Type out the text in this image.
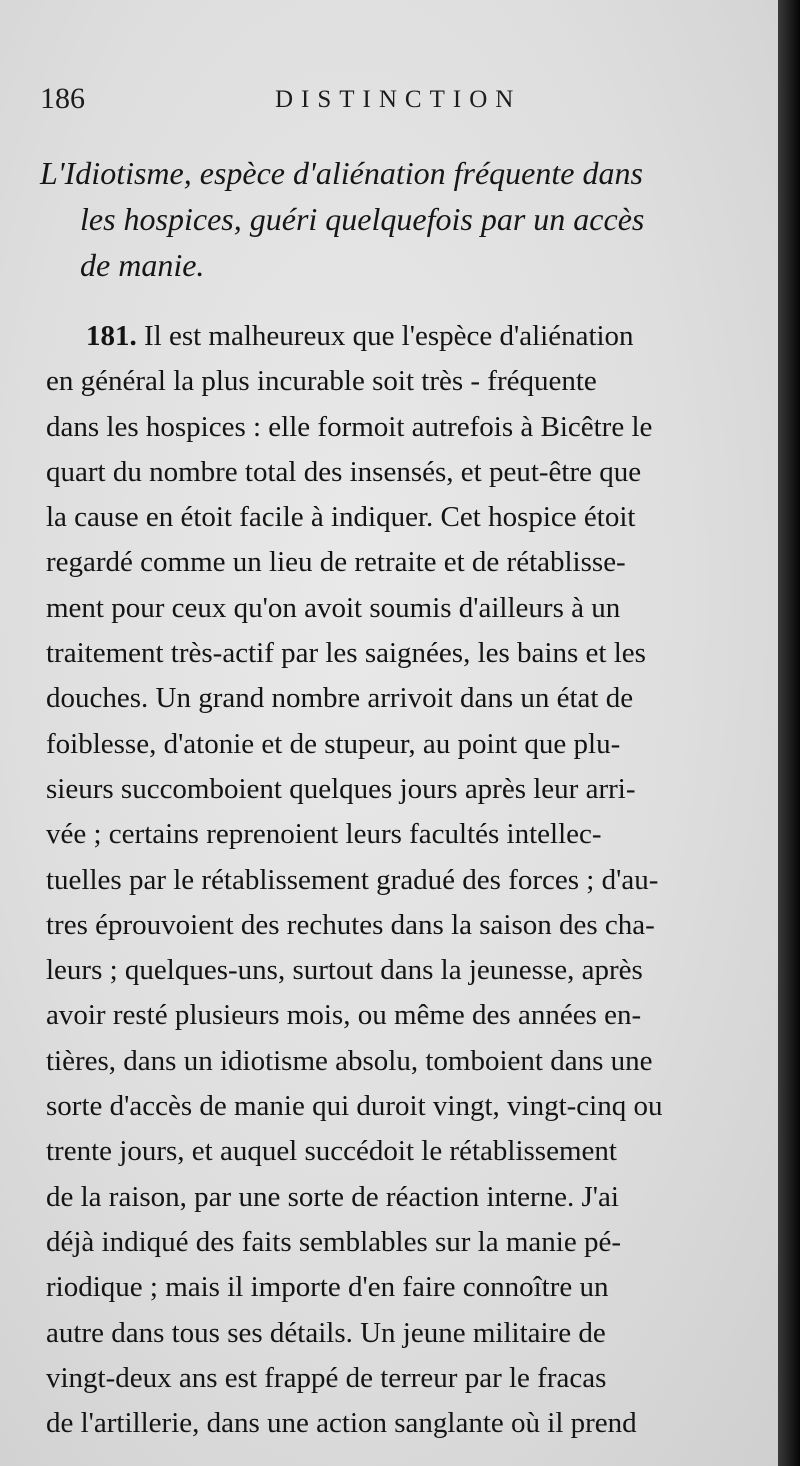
186	DISTINCTION
L'Idiotisme, espèce d'aliénation fréquente dans
les hospices, guéri quelquefois par un accès
de manie.
181. Il est malheureux que l'espèce d'aliénation
en général la plus incurable soit très - fréquente
dans les hospices : elle formoit autrefois à Bicêtre le
quart du nombre total des insensés, et peut-être que
la cause en étoit facile à indiquer. Cet hospice étoit
regardé comme un lieu de retraite et de rétablisse-
ment pour ceux qu'on avoit soumis d'ailleurs à un
traitement très-actif par les saignées, les bains et les
douches. Un grand nombre arrivoit dans un état de
foiblesse, d'atonie et de stupeur, au point que plu-
sieurs succomboient quelques jours après leur arri-
vée ; certains reprenoient leurs facultés intellec-
tuelles par le rétablissement gradué des forces ; d'au-
tres éprouvoient des rechutes dans la saison des cha-
leurs ; quelques-uns, surtout dans la jeunesse, après
avoir resté plusieurs mois, ou même des années en-
tières, dans un idiotisme absolu, tomboient dans une
sorte d'accès de manie qui duroit vingt, vingt-cinq ou
trente jours, et auquel succédoit le rétablissement
de la raison, par une sorte de réaction interne. J'ai
déjà indiqué des faits semblables sur la manie pé-
riodique ; mais il importe d'en faire connoître un
autre dans tous ses détails. Un jeune militaire de
vingt-deux ans est frappé de terreur par le fracas
de l'artillerie, dans une action sanglante où il prend
